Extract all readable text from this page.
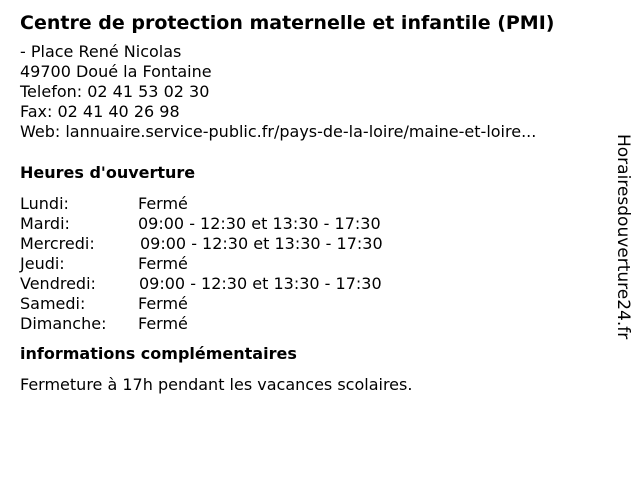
Centre de protection maternelle et infantile (PMI)
- Place René Nicolas
49700 Doué la Fontaine
Telefon: 02 41 53 02 30
Fax: 02 41 40 26 98
Web: lannuaire.service-public.fr/pays-de-la-loire/maine-et-loire...
Heures d'ouverture
Lundi:	Fermé
Mardi:	09:00 - 12:30 et 13:30 - 17:30
Mercredi:	09:00 - 12:30 et 13:30 - 17:30
Jeudi:	Fermé
Vendredi:	09:00 - 12:30 et 13:30 - 17:30
Samedi:	Fermé
Dimanche:	Fermé
informations complémentaires
Fermeture à 17h pendant les vacances scolaires.
Horairesdouverture24.fr
